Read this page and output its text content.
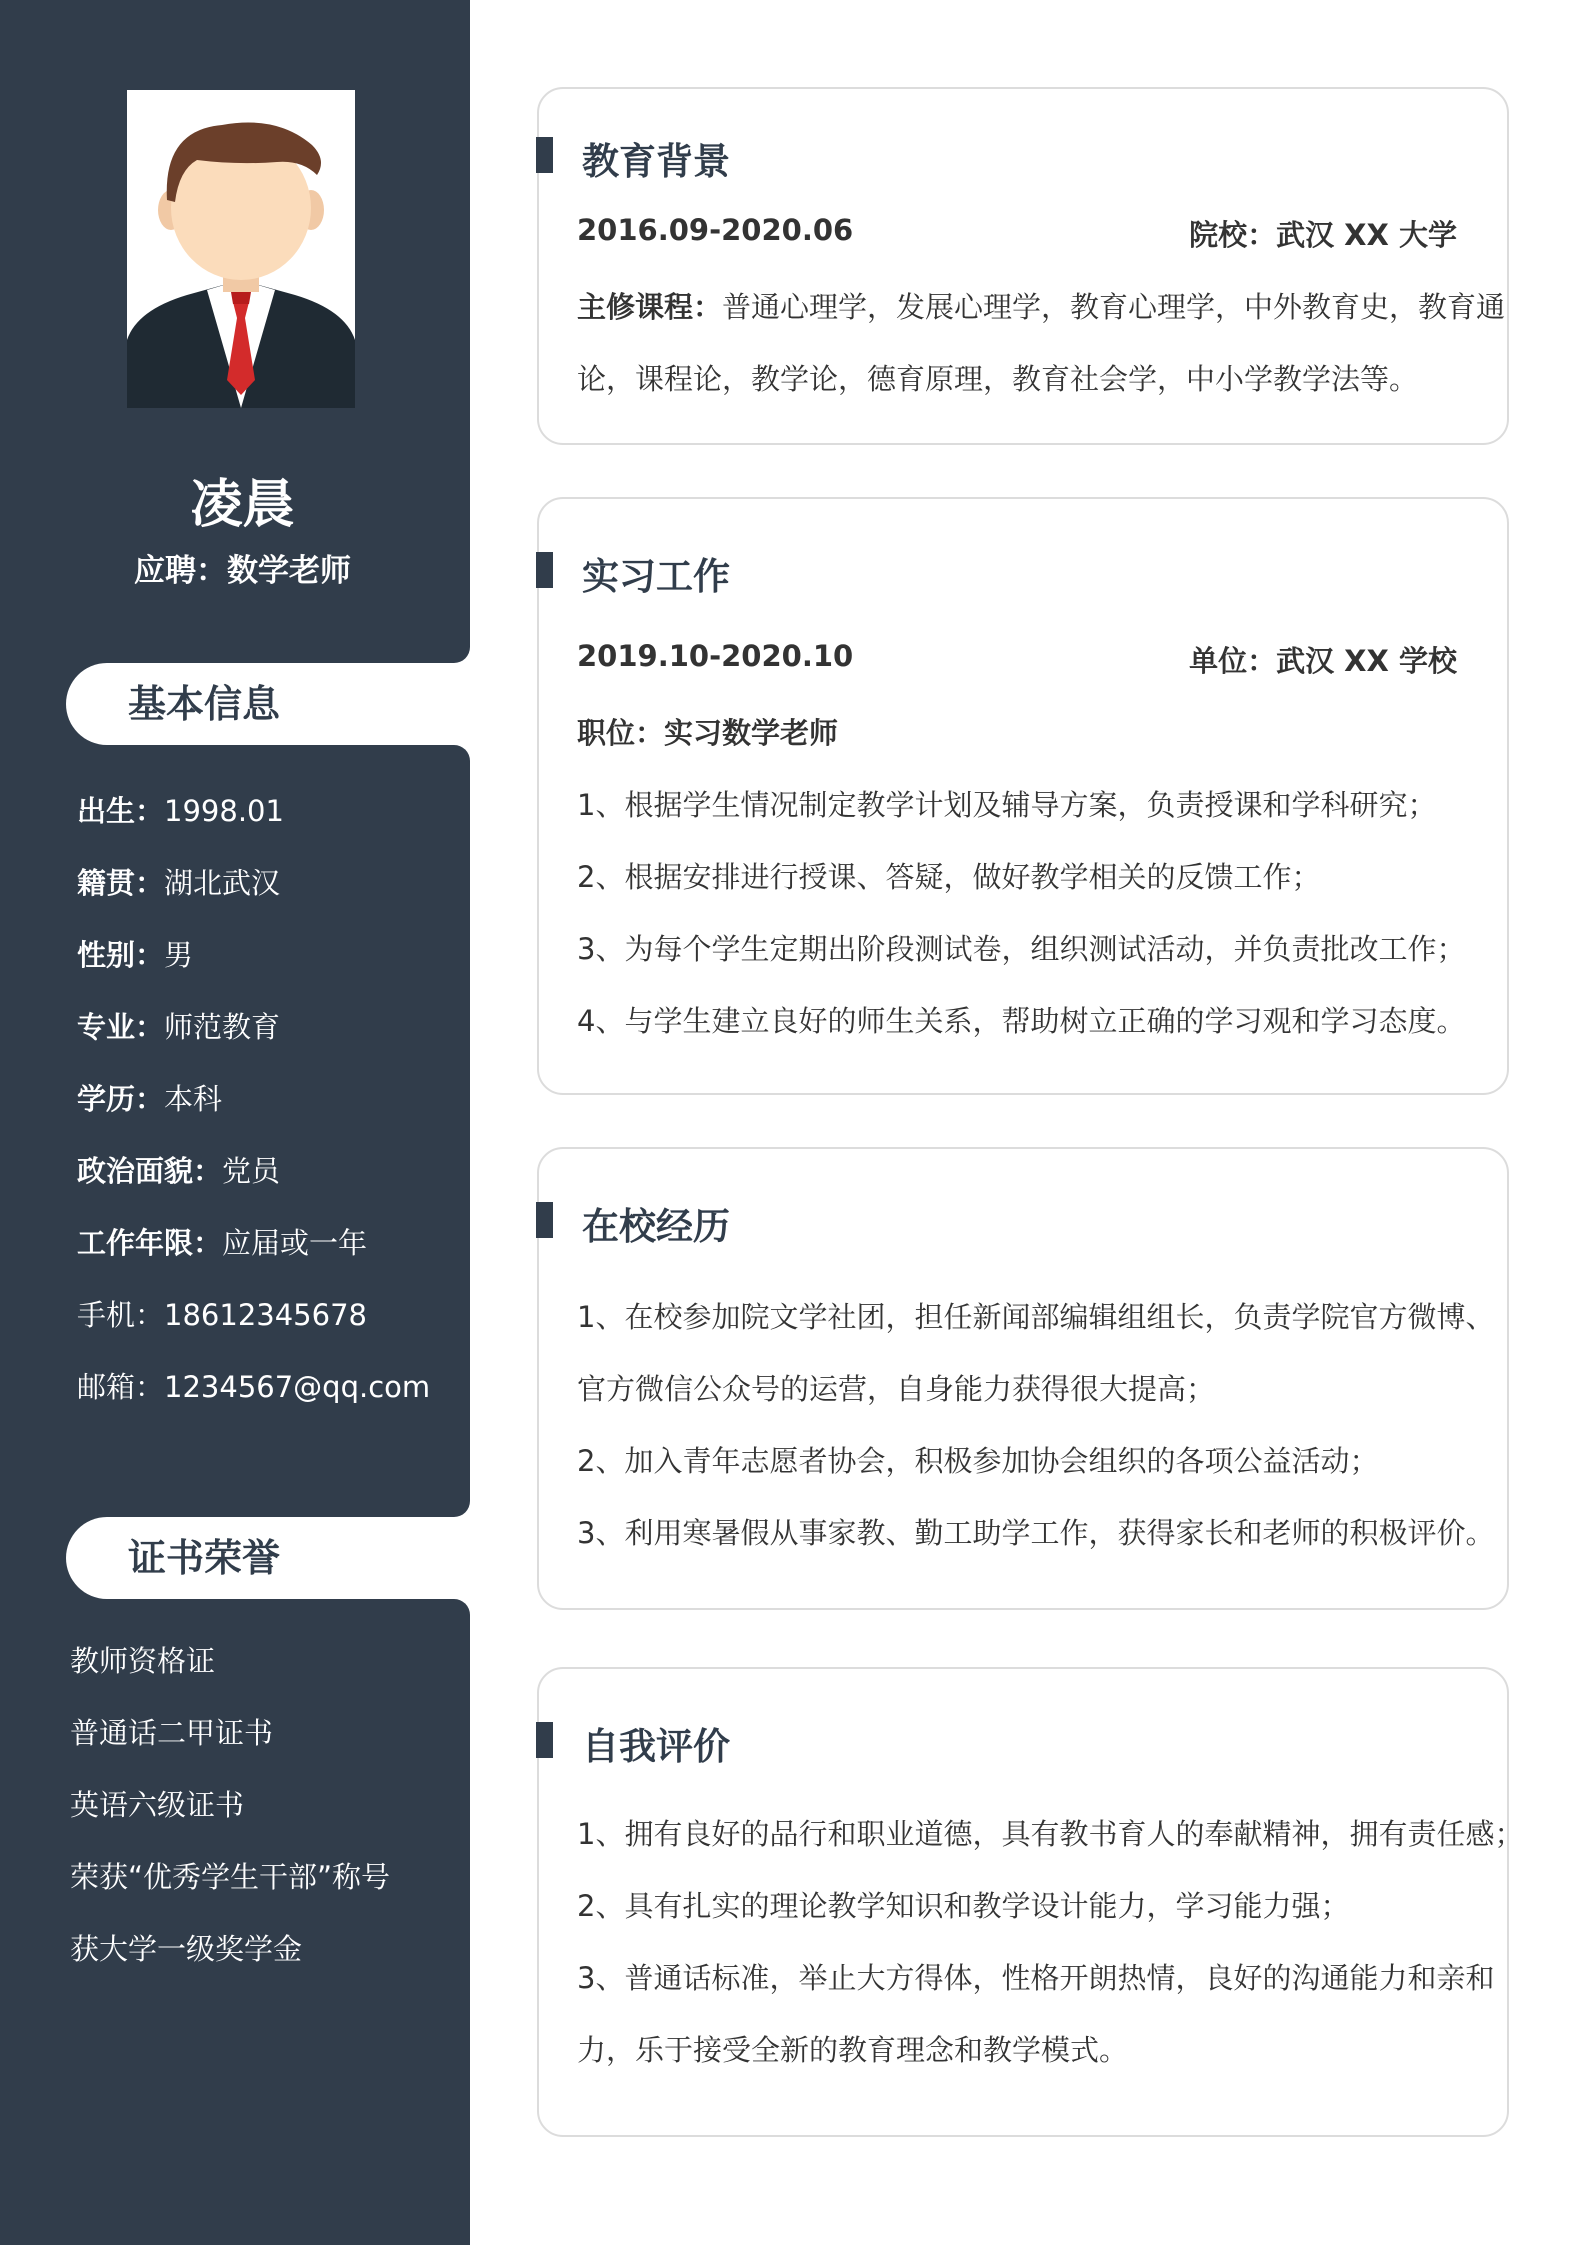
凌晨
应聘：数学老师
基本信息
出生：1998.01
籍贯：湖北武汉
性别：男
专业：师范教育
学历：本科
政治面貌：党员
工作年限：应届或一年
手机：18612345678
邮箱：1234567@qq.com
证书荣誉
教师资格证
普通话二甲证书
英语六级证书
荣获“优秀学生干部”称号
获大学一级奖学金
教育背景
2016.09-2020.06	院校：武汉 XX 大学
主修课程：普通心理学，发展心理学，教育心理学，中外教育史，教育通
论，课程论，教学论，德育原理，教育社会学，中小学教学法等。
实习工作
2019.10-2020.10	单位：武汉 XX 学校
职位：实习数学老师
1、根据学生情况制定教学计划及辅导方案，负责授课和学科研究；
2、根据安排进行授课、答疑，做好教学相关的反馈工作；
3、为每个学生定期出阶段测试卷，组织测试活动，并负责批改工作；
4、与学生建立良好的师生关系，帮助树立正确的学习观和学习态度。
在校经历
1、在校参加院文学社团，担任新闻部编辑组组长，负责学院官方微博、
官方微信公众号的运营，自身能力获得很大提高；
2、加入青年志愿者协会，积极参加协会组织的各项公益活动；
3、利用寒暑假从事家教、勤工助学工作，获得家长和老师的积极评价。
自我评价
1、拥有良好的品行和职业道德，具有教书育人的奉献精神，拥有责任感；
2、具有扎实的理论教学知识和教学设计能力，学习能力强；
3、普通话标准，举止大方得体，性格开朗热情，良好的沟通能力和亲和
力，乐于接受全新的教育理念和教学模式。
